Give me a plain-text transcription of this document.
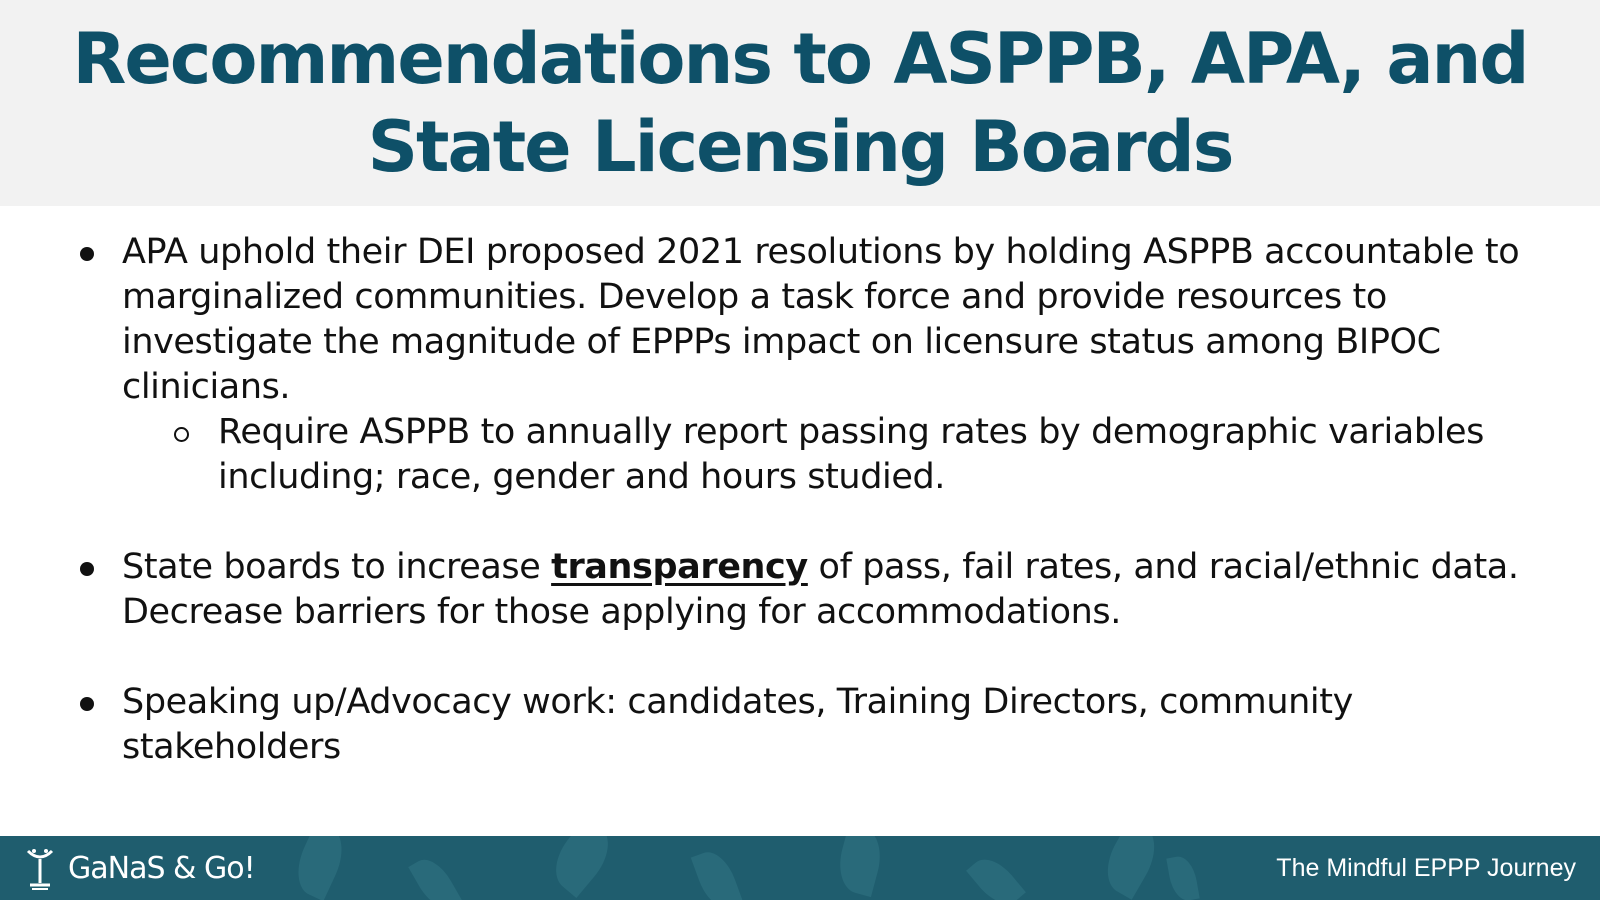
Recommendations to ASPPB, APA, and State Licensing Boards
APA uphold their DEI proposed 2021 resolutions by holding ASPPB accountable to marginalized communities. Develop a task force and provide resources to investigate the magnitude of EPPPs impact on licensure status among BIPOC clinicians.
Require ASPPB to annually report passing rates by demographic variables including; race, gender and hours studied.
State boards to increase transparency of pass, fail rates, and racial/ethnic data. Decrease barriers for those applying for accommodations.
Speaking up/Advocacy work: candidates, Training Directors, community stakeholders
GaNaS & Go!	The Mindful EPPP Journey
